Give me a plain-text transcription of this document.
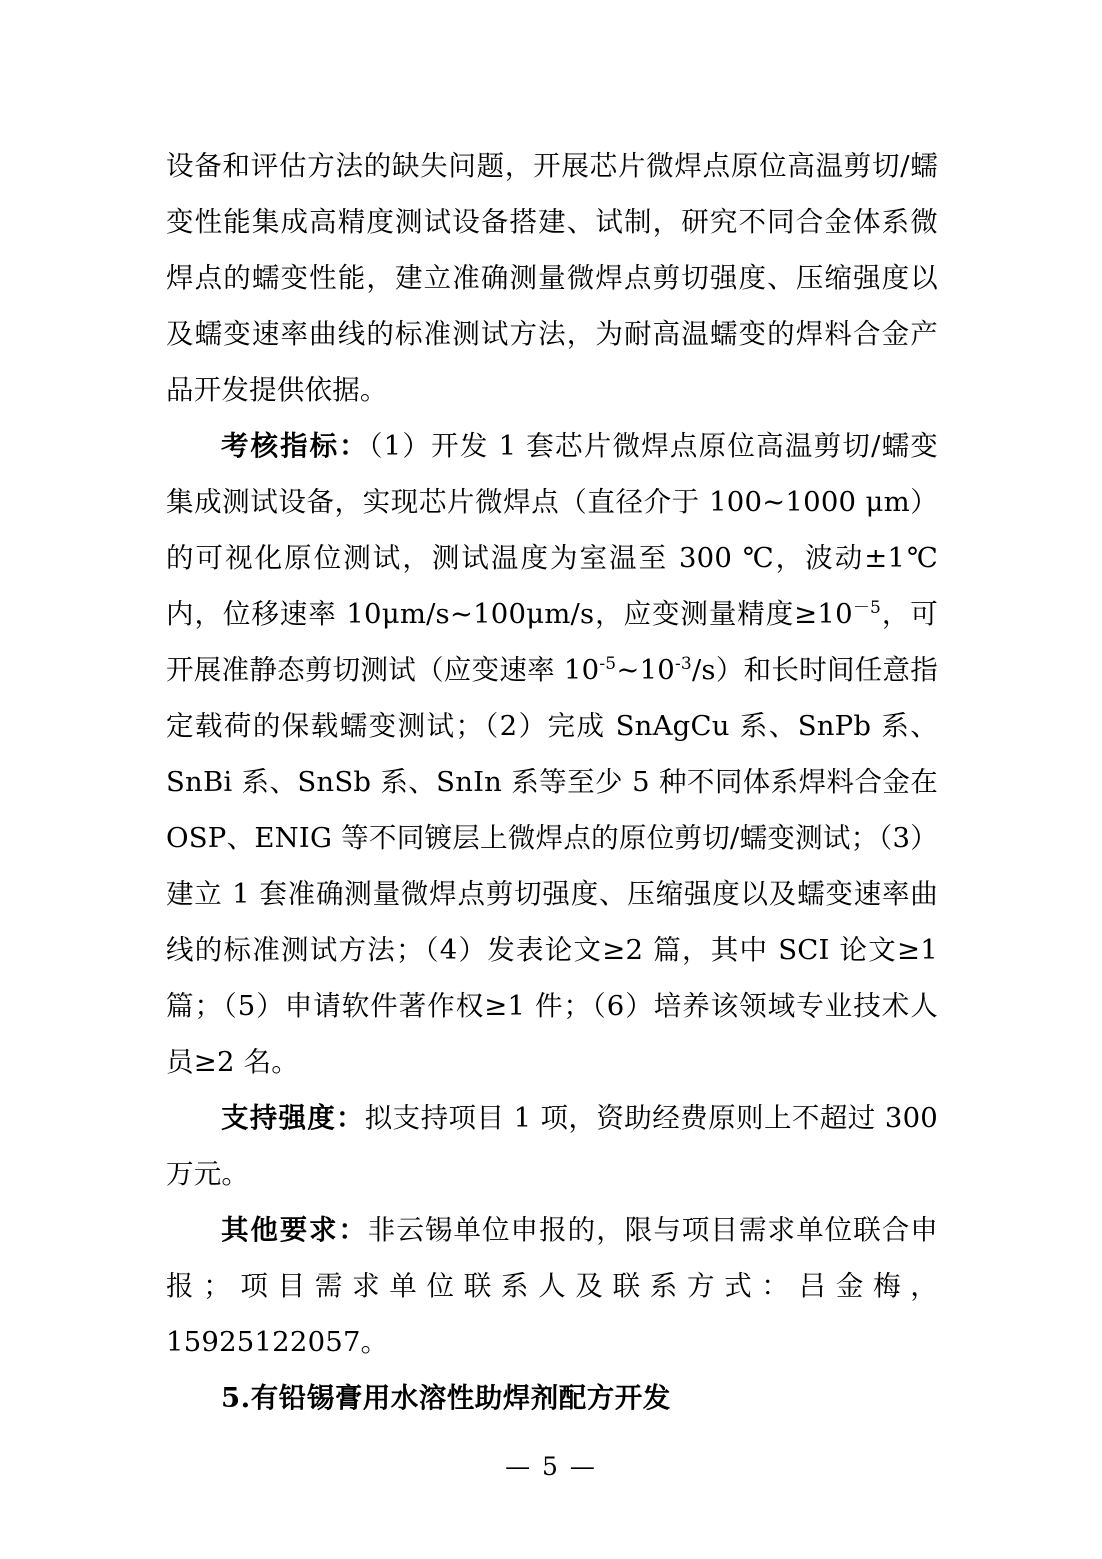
设备和评估方法的缺失问题，开展芯片微焊点原位高温剪切/蠕变性能集成高精度测试设备搭建、试制，研究不同合金体系微焊点的蠕变性能，建立准确测量微焊点剪切强度、压缩强度以及蠕变速率曲线的标准测试方法，为耐高温蠕变的焊料合金产品开发提供依据。

考核指标：（1）开发 1 套芯片微焊点原位高温剪切/蠕变集成测试设备，实现芯片微焊点（直径介于 100~1000 μm）的可视化原位测试，测试温度为室温至 300 ℃，波动±1℃内，位移速率 10μm/s~100μm/s，应变测量精度$\ge 10^{-5}$，可开展准静态剪切测试（应变速率 $10^{-5}\sim 10^{-3}/s$）和长时间任意指定载荷的保载蠕变测试；（2）完成 SnAgCu 系、SnPb 系、SnBi 系、SnSb 系、SnIn 系等至少 5 种不同体系焊料合金在 OSP、ENIG 等不同镀层上微焊点的原位剪切/蠕变测试；（3）建立 1 套准确测量微焊点剪切强度、压缩强度以及蠕变速率曲线的标准测试方法；（4）发表论文≥2 篇，其中 SCI 论文≥1 篇；（5）申请软件著作权≥1 件；（6）培养该领域专业技术人员≥2 名。

支持强度：拟支持项目 1 项，资助经费原则上不超过 300 万元。

其他要求：非云锡单位申报的，限与项目需求单位联合申报；项目需求单位联系人及联系方式：吕金梅，15925122057。

5.有铅锡膏用水溶性助焊剂配方开发

— 5 —
